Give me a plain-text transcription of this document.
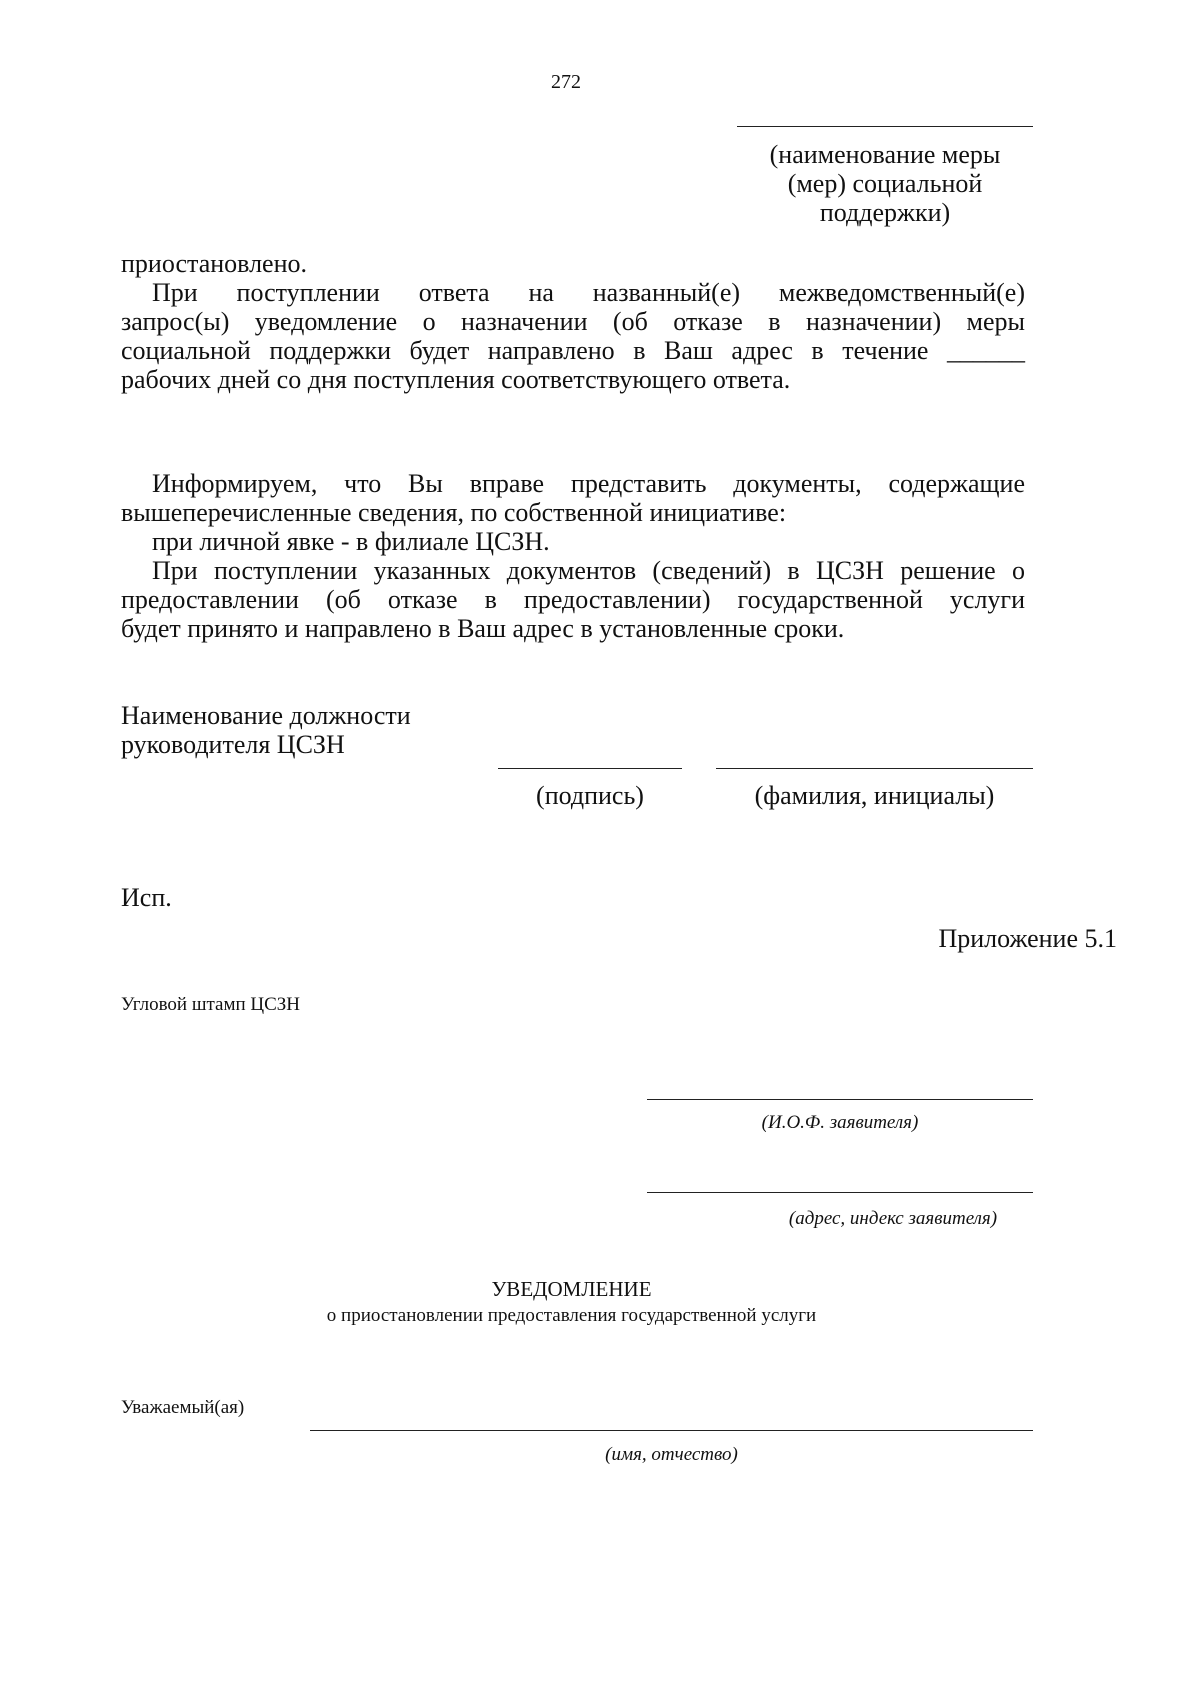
272
(наименование меры
(мер) социальной
поддержки)
приостановлено.
При поступлении ответа на названный(е) межведомственный(е)
запрос(ы) уведомление о назначении (об отказе в назначении) меры
социальной поддержки будет направлено в Ваш адрес в течение ______
рабочих дней со дня поступления соответствующего ответа.
Информируем, что Вы вправе представить документы, содержащие
вышеперечисленные сведения, по собственной инициативе:
при личной явке - в филиале ЦСЗН.
При поступлении указанных документов (сведений) в ЦСЗН решение о
предоставлении (об отказе в предоставлении) государственной услуги
будет принято и направлено в Ваш адрес в установленные сроки.
Наименование должности
руководителя ЦСЗН
(подпись)	(фамилия, инициалы)
Исп.
Приложение 5.1
Угловой штамп ЦСЗН
(И.О.Ф. заявителя)
(адрес, индекс заявителя)
УВЕДОМЛЕНИЕ
о приостановлении предоставления государственной услуги
Уважаемый(ая)
(имя, отчество)
